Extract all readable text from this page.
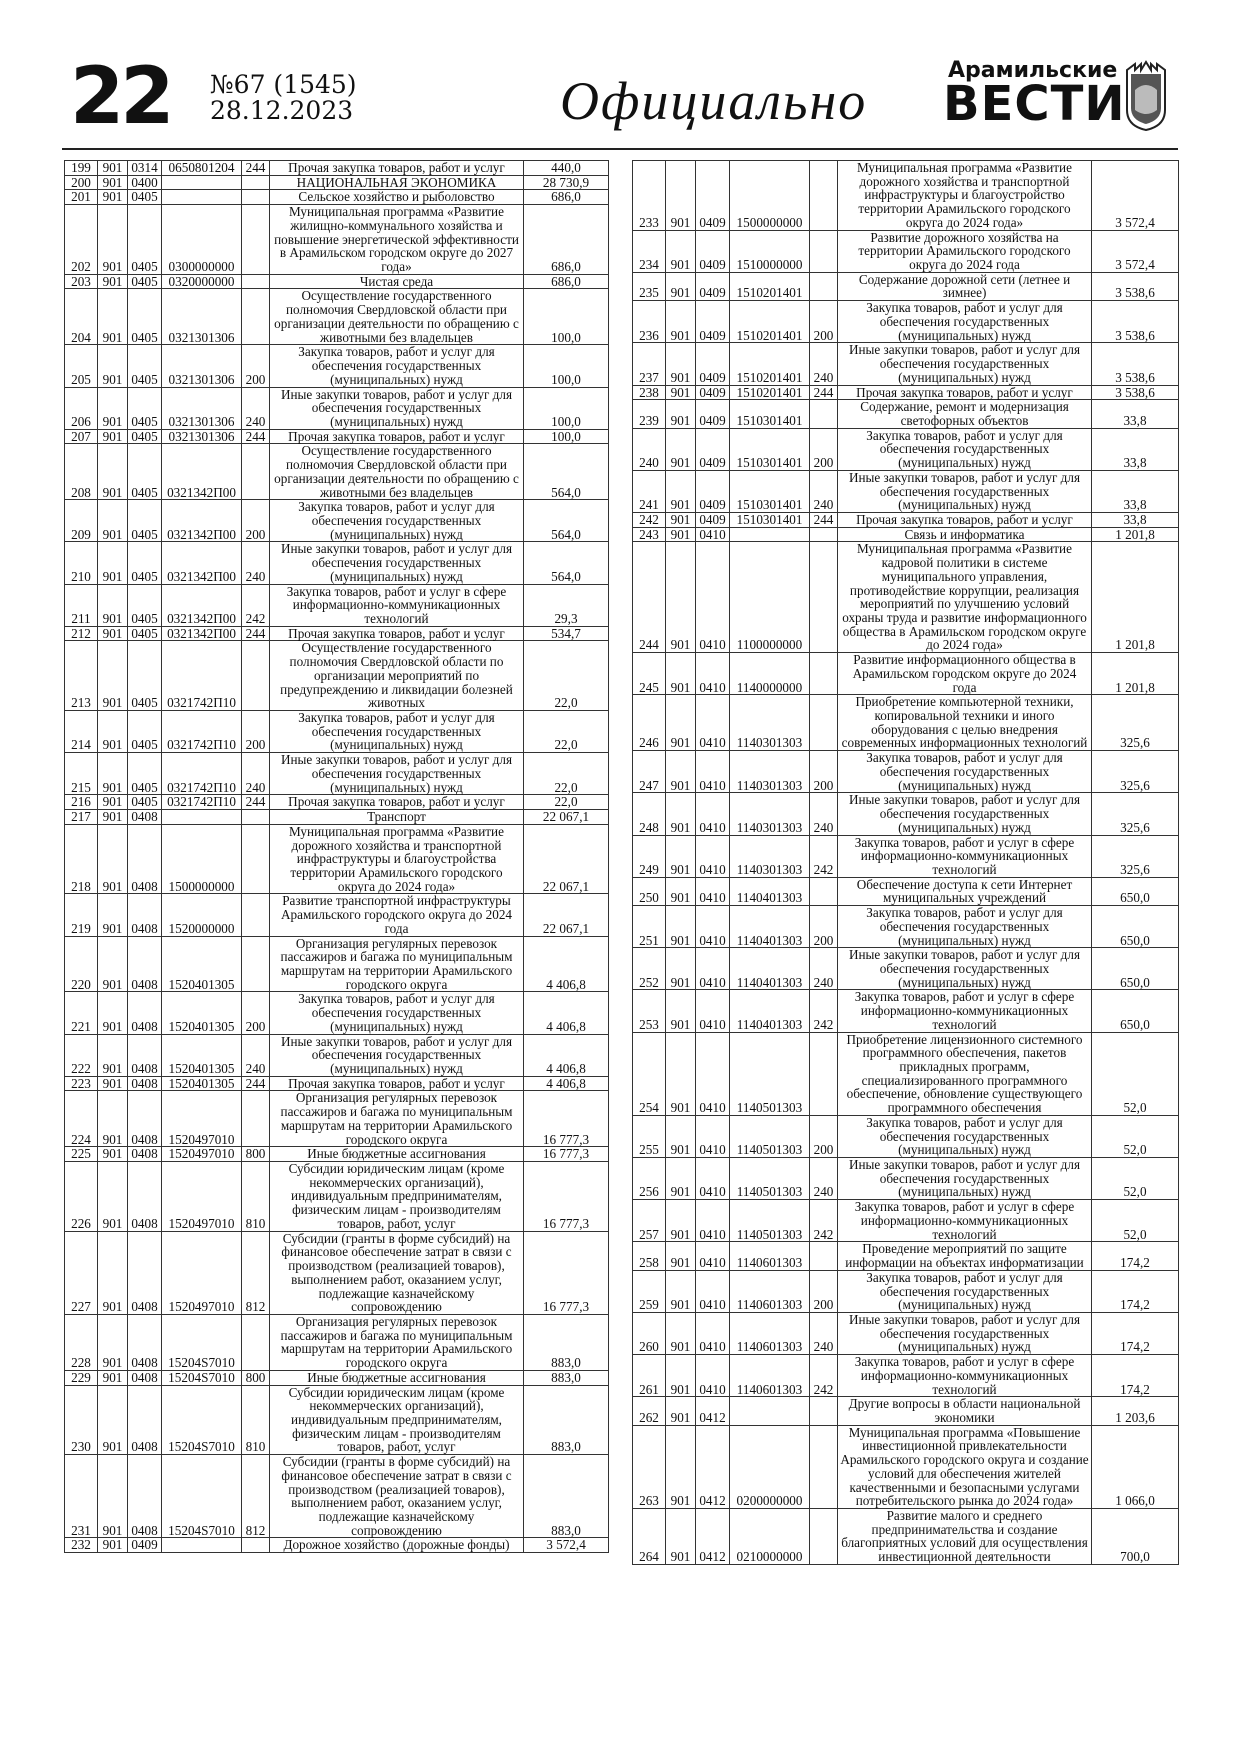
22 №67 (1545)
28.12.2023	Официально
Арамильские
ВЕСТИ
199	901	0314	0650801204	244	Прочая закупка товаров, работ и услуг	440,0
200	901	0400			НАЦИОНАЛЬНАЯ ЭКОНОМИКА	28 730,9
201	901	0405			Сельское хозяйство и рыболовство	686,0
202	901	0405	0300000000		Муниципальная программа «Развитие жилищно-коммунального хозяйства и повышение энергетической эффективности в Арамильском городском округе до 2027 года»	686,0
203	901	0405	0320000000		Чистая среда	686,0
204	901	0405	0321301306		Осуществление государственного полномочия Свердловской области при организации деятельности по обращению с животными без владельцев	100,0
205	901	0405	0321301306	200	Закупка товаров, работ и услуг для обеспечения государственных (муниципальных) нужд	100,0
206	901	0405	0321301306	240	Иные закупки товаров, работ и услуг для обеспечения государственных (муниципальных) нужд	100,0
207	901	0405	0321301306	244	Прочая закупка товаров, работ и услуг	100,0
208	901	0405	0321342П00		Осуществление государственного полномочия Свердловской области при организации деятельности по обращению с животными без владельцев	564,0
209	901	0405	0321342П00	200	Закупка товаров, работ и услуг для обеспечения государственных (муниципальных) нужд	564,0
210	901	0405	0321342П00	240	Иные закупки товаров, работ и услуг для обеспечения государственных (муниципальных) нужд	564,0
211	901	0405	0321342П00	242	Закупка товаров, работ и услуг в сфере информационно-коммуникационных технологий	29,3
212	901	0405	0321342П00	244	Прочая закупка товаров, работ и услуг	534,7
213	901	0405	0321742П10		Осуществление государственного полномочия Свердловской области по организации мероприятий по предупреждению и ликвидации болезней животных	22,0
214	901	0405	0321742П10	200	Закупка товаров, работ и услуг для обеспечения государственных (муниципальных) нужд	22,0
215	901	0405	0321742П10	240	Иные закупки товаров, работ и услуг для обеспечения государственных (муниципальных) нужд	22,0
216	901	0405	0321742П10	244	Прочая закупка товаров, работ и услуг	22,0
217	901	0408			Транспорт	22 067,1
218	901	0408	1500000000		Муниципальная программа «Развитие дорожного хозяйства и транспортной инфраструктуры и благоустройства территории Арамильского городского округа до 2024 года»	22 067,1
219	901	0408	1520000000		Развитие транспортной инфраструктуры Арамильского городского округа до 2024 года	22 067,1
220	901	0408	1520401305		Организация регулярных перевозок пассажиров и багажа по муниципальным маршрутам на территории Арамильского городского округа	4 406,8
221	901	0408	1520401305	200	Закупка товаров, работ и услуг для обеспечения государственных (муниципальных) нужд	4 406,8
222	901	0408	1520401305	240	Иные закупки товаров, работ и услуг для обеспечения государственных (муниципальных) нужд	4 406,8
223	901	0408	1520401305	244	Прочая закупка товаров, работ и услуг	4 406,8
224	901	0408	1520497010		Организация регулярных перевозок пассажиров и багажа по муниципальным маршрутам на территории Арамильского городского округа	16 777,3
225	901	0408	1520497010	800	Иные бюджетные ассигнования	16 777,3
226	901	0408	1520497010	810	Субсидии юридическим лицам (кроме некоммерческих организаций), индивидуальным предпринимателям, физическим лицам - производителям товаров, работ, услуг	16 777,3
227	901	0408	1520497010	812	Субсидии (гранты в форме субсидий) на финансовое обеспечение затрат в связи с производством (реализацией товаров), выполнением работ, оказанием услуг, подлежащие казначейскому сопровождению	16 777,3
228	901	0408	15204S7010		Организация регулярных перевозок пассажиров и багажа по муниципальным маршрутам на территории Арамильского городского округа	883,0
229	901	0408	15204S7010	800	Иные бюджетные ассигнования	883,0
230	901	0408	15204S7010	810	Субсидии юридическим лицам (кроме некоммерческих организаций), индивидуальным предпринимателям, физическим лицам - производителям товаров, работ, услуг	883,0
231	901	0408	15204S7010	812	Субсидии (гранты в форме субсидий) на финансовое обеспечение затрат в связи с производством (реализацией товаров), выполнением работ, оказанием услуг, подлежащие казначейскому сопровождению	883,0
232	901	0409			Дорожное хозяйство (дорожные фонды)	3 572,4
233	901	0409	1500000000		Муниципальная программа «Развитие дорожного хозяйства и транспортной инфраструктуры и благоустройство территории Арамильского городского округа до 2024 года»	3 572,4
234	901	0409	1510000000		Развитие дорожного хозяйства на территории Арамильского городского округа до 2024 года	3 572,4
235	901	0409	1510201401		Содержание дорожной сети (летнее и зимнее)	3 538,6
236	901	0409	1510201401	200	Закупка товаров, работ и услуг для обеспечения государственных (муниципальных) нужд	3 538,6
237	901	0409	1510201401	240	Иные закупки товаров, работ и услуг для обеспечения государственных (муниципальных) нужд	3 538,6
238	901	0409	1510201401	244	Прочая закупка товаров, работ и услуг	3 538,6
239	901	0409	1510301401		Содержание, ремонт и модернизация светофорных объектов	33,8
240	901	0409	1510301401	200	Закупка товаров, работ и услуг для обеспечения государственных (муниципальных) нужд	33,8
241	901	0409	1510301401	240	Иные закупки товаров, работ и услуг для обеспечения государственных (муниципальных) нужд	33,8
242	901	0409	1510301401	244	Прочая закупка товаров, работ и услуг	33,8
243	901	0410			Связь и информатика	1 201,8
244	901	0410	1100000000		Муниципальная программа «Развитие кадровой политики в системе муниципального управления, противодействие коррупции, реализация мероприятий по улучшению условий охраны труда и развитие информационного общества в Арамильском городском округе до 2024 года»	1 201,8
245	901	0410	1140000000		Развитие информационного общества в Арамильском городском округе до 2024 года	1 201,8
246	901	0410	1140301303		Приобретение компьютерной техники, копировальной техники и иного оборудования с целью внедрения современных информационных технологий	325,6
247	901	0410	1140301303	200	Закупка товаров, работ и услуг для обеспечения государственных (муниципальных) нужд	325,6
248	901	0410	1140301303	240	Иные закупки товаров, работ и услуг для обеспечения государственных (муниципальных) нужд	325,6
249	901	0410	1140301303	242	Закупка товаров, работ и услуг в сфере информационно-коммуникационных технологий	325,6
250	901	0410	1140401303		Обеспечение доступа к сети Интернет муниципальных учреждений	650,0
251	901	0410	1140401303	200	Закупка товаров, работ и услуг для обеспечения государственных (муниципальных) нужд	650,0
252	901	0410	1140401303	240	Иные закупки товаров, работ и услуг для обеспечения государственных (муниципальных) нужд	650,0
253	901	0410	1140401303	242	Закупка товаров, работ и услуг в сфере информационно-коммуникационных технологий	650,0
254	901	0410	1140501303		Приобретение лицензионного системного программного обеспечения, пакетов прикладных программ, специализированного программного обеспечение, обновление существующего программного обеспечения	52,0
255	901	0410	1140501303	200	Закупка товаров, работ и услуг для обеспечения государственных (муниципальных) нужд	52,0
256	901	0410	1140501303	240	Иные закупки товаров, работ и услуг для обеспечения государственных (муниципальных) нужд	52,0
257	901	0410	1140501303	242	Закупка товаров, работ и услуг в сфере информационно-коммуникационных технологий	52,0
258	901	0410	1140601303		Проведение мероприятий по защите информации на объектах информатизации	174,2
259	901	0410	1140601303	200	Закупка товаров, работ и услуг для обеспечения государственных (муниципальных) нужд	174,2
260	901	0410	1140601303	240	Иные закупки товаров, работ и услуг для обеспечения государственных (муниципальных) нужд	174,2
261	901	0410	1140601303	242	Закупка товаров, работ и услуг в сфере информационно-коммуникационных технологий	174,2
262	901	0412			Другие вопросы в области национальной экономики	1 203,6
263	901	0412	0200000000		Муниципальная программа «Повышение инвестиционной привлекательности Арамильского городского округа и создание условий для обеспечения жителей качественными и безопасными услугами потребительского рынка до 2024 года»	1 066,0
264	901	0412	0210000000		Развитие малого и среднего предпринимательства и создание благоприятных условий для осуществления инвестиционной деятельности	700,0
